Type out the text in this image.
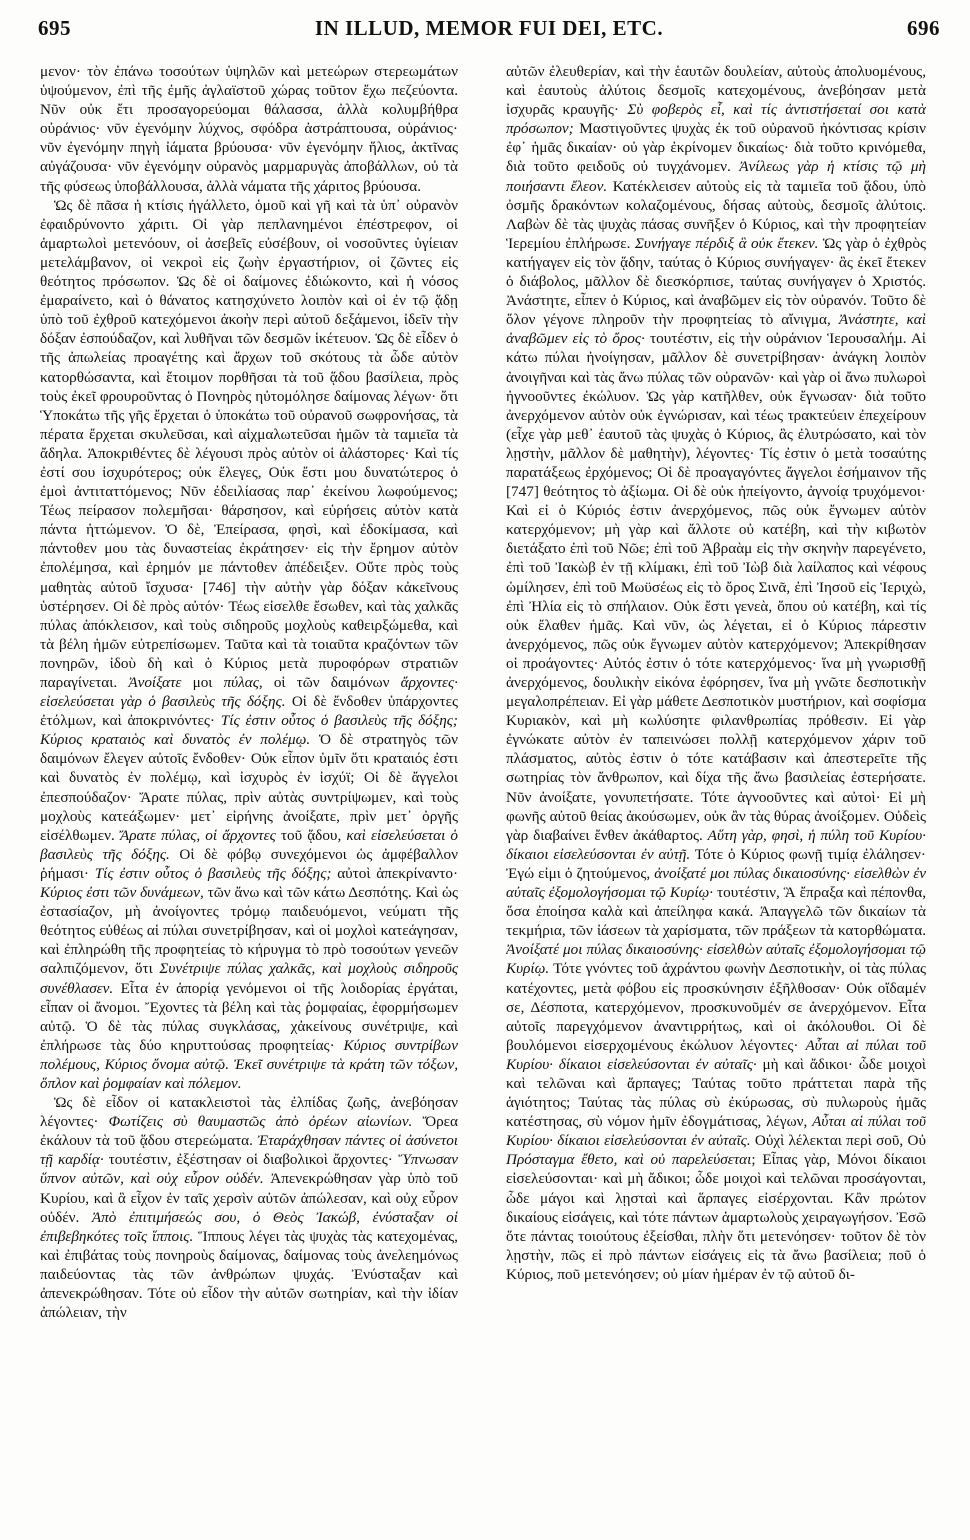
695	IN ILLUD, MEMOR FUI DEI, ETC.	696

μενον· τὸν ἐπάνω τοσούτων ὑψηλῶν καὶ μετεώρων στερεωμάτων ὑψούμενον, ἐπὶ τῆς ἐμῆς ἀγλαϊστοῦ χώρας τοῦτον ἔχω πεζεύοντα. Νῦν οὐκ ἔτι προσαγορεύομαι θάλασσα, ἀλλὰ κολυμβήθρα οὐράνιος· νῦν ἐγενόμην λύχνος, σφόδρα ἀστράπτουσα, οὐράνιος· νῦν ἐγενόμην πηγὴ ἰάματα βρύουσα· νῦν ἐγενόμην ἥλιος, ἀκτῖνας αὐγάζουσα· νῦν ἐγενόμην οὐρανὸς μαρμαρυγὰς ἀποβάλλων, οὐ τὰ τῆς φύσεως ὑποβάλλουσα, ἀλλὰ νάματα τῆς χάριτος βρύουσα.

Ὡς δὲ πᾶσα ἡ κτίσις ἠγάλλετο, ὁμοῦ καὶ γῆ καὶ τὰ ὑπ᾿ οὐρανὸν ἐφαιδρύνοντο χάριτι. Οἱ γὰρ πεπλανημένοι ἐπέστρεφον, οἱ ἁμαρτωλοὶ μετενόουν, οἱ ἀσεβεῖς εὐσέβουν, οἱ νοσοῦντες ὑγίειαν μετελάμβανον, οἱ νεκροὶ εἰς ζωὴν ἐργαστήριον, οἱ ζῶντες εἰς θεότητος πρόσωπον. Ὡς δὲ οἱ δαίμονες ἐδιώκοντο, καὶ ἡ νόσος ἐμαραίνετο, καὶ ὁ θάνατος κατησχύνετο λοιπὸν καὶ οἱ ἐν τῷ ᾅδῃ ὑπὸ τοῦ ἐχθροῦ κατεχόμενοι ἀκοὴν περὶ αὐτοῦ δεξάμενοι, ἰδεῖν τὴν δόξαν ἐσπούδαζον, καὶ λυθῆναι τῶν δεσμῶν ἱκέτευον. Ὡς δὲ εἶδεν ὁ τῆς ἀπωλείας προαγέτης καὶ ἄρχων τοῦ σκότους τὰ ὧδε αὐτὸν κατορθώσαντα, καὶ ἕτοιμον πορθῆσαι τὰ τοῦ ᾅδου βασίλεια, πρὸς τοὺς ἐκεῖ φρουροῦντας ὁ Πονηρὸς ηὐτομόλησε δαίμονας λέγων· ὅτι Ὑποκάτω τῆς γῆς ἔρχεται ὁ ὑποκάτω τοῦ οὐρανοῦ σωφρονήσας, τὰ πέρατα ἔρχεται σκυλεῦσαι, καὶ αἰχμαλωτεῦσαι ἡμῶν τὰ ταμιεῖα τὰ ἄδηλα. Ἀποκριθέντες δὲ λέγουσι πρὸς αὐτὸν οἱ ἀλάστορες· Καὶ τίς ἐστί σου ἰσχυρότερος; οὐκ ἔλεγες, Οὐκ ἔστι μου δυνατώτερος ὁ ἐμοὶ ἀντιταττόμενος; Νῦν ἐδειλίασας παρ᾿ ἐκείνου λωφούμενος; Τέως πείρασον πολεμῆσαι· θάρσησον, καὶ εὑρήσεις αὐτὸν κατὰ πάντα ἡττώμενον. Ὁ δὲ, Ἐπείρασα, φησὶ, καὶ ἐδοκίμασα, καὶ πάντοθεν μου τὰς δυναστείας ἐκράτησεν· εἰς τὴν ἔρημον αὐτὸν ἐπολέμησα, καὶ ἐρημόν με πάντοθεν ἀπέδειξεν. Οὔτε πρὸς τοὺς μαθητὰς αὐτοῦ ἴσχυσα· [746] τὴν αὐτὴν γὰρ δόξαν κἀκεῖνους ὑστέρησεν. Οἱ δὲ πρὸς αὐτόν· Τέως εἰσελθε ἔσωθεν, καὶ τὰς χαλκᾶς πύλας ἀπόκλεισον, καὶ τοὺς σιδηροῦς μοχλοὺς καθειρξώμεθα, καὶ τὰ βέλη ἡμῶν εὐτρεπίσωμεν. Ταῦτα καὶ τὰ τοιαῦτα κραζόντων τῶν πονηρῶν, ἰδοὺ δὴ καὶ ὁ Κύριος μετὰ πυροφόρων στρατιῶν παραγίνεται. Ἀνοίξατε μοι πύλας, οἱ τῶν δαιμόνων ἄρχοντες· εἰσελεύσεται γὰρ ὁ βασιλεὺς τῆς δόξης. Οἱ δὲ ἔνδοθεν ὑπάρχοντες ἐτόλμων, καὶ ἀποκρινόντες· Τίς ἐστιν οὗτος ὁ βασιλεὺς τῆς δόξης; Κύριος κραταιὸς καὶ δυνατὸς ἐν πολέμῳ. Ὁ δὲ στρατηγὸς τῶν δαιμόνων ἔλεγεν αὐτοῖς ἔνδοθεν· Οὐκ εἶπον ὑμῖν ὅτι κραταιός ἐστι καὶ δυνατὸς ἐν πολέμῳ, καὶ ἰσχυρὸς ἐν ἰσχύϊ; Οἱ δὲ ἄγγελοι ἐπεσπούδαζον· Ἄρατε πύλας, πρὶν αὐτὰς συντρίψωμεν, καὶ τοὺς μοχλοὺς κατεάξωμεν· μετ᾿ εἰρήνης ἀνοίξατε, πρὶν μετ᾿ ὀργῆς εἰσέλθωμεν. Ἄρατε πύλας, οἱ ἄρχοντες τοῦ ᾅδου, καὶ εἰσελεύσεται ὁ βασιλεὺς τῆς δόξης. Οἱ δὲ φόβῳ συνεχόμενοι ὡς ἀμφέβαλλον ῥήμασι· Τίς ἐστιν οὗτος ὁ βασιλεὺς τῆς δόξης; αὐτοὶ ἀπεκρίναντο· Κύριος ἐστι τῶν δυνάμεων, τῶν ἄνω καὶ τῶν κάτω Δεσπότης. Καὶ ὡς ἐστασίαζον, μὴ ἀνοίγοντες τρόμῳ παιδευόμενοι, νεύματι τῆς θεότητος εὐθέως αἱ πύλαι συνετρίβησαν, καὶ οἱ μοχλοὶ κατεάγησαν, καὶ ἐπληρώθη τῆς προφητείας τὸ κήρυγμα τὸ πρὸ τοσούτων γενεῶν σαλπιζόμενον, ὅτι Συνέτριψε πύλας χαλκᾶς, καὶ μοχλοὺς σιδηροῦς συνέθλασεν. Εἶτα ἐν ἀπορίᾳ γενόμενοι οἱ τῆς λοιδορίας ἐργάται, εἶπαν οἱ ἄνομοι. Ἔχοντες τὰ βέλη καὶ τὰς ῥομφαίας, ἐφορμήσωμεν αὐτῷ. Ὁ δὲ τὰς πύλας συγκλάσας, χἀκείνους συνέτριψε, καὶ ἐπλήρωσε τὰς δύο κηρυττούσας προφητείας· Κύριος συντρίβων πολέμους, Κύριος ὄνομα αὐτῷ. Ἐκεῖ συνέτριψε τὰ κράτη τῶν τόξων, ὅπλον καὶ ῥομφαίαν καὶ πόλεμον.

Ὡς δὲ εἶδον οἱ κατακλειστοὶ τὰς ἐλπίδας ζωῆς, ἀνεβόησαν λέγοντες· Φωτίζεις σὺ θαυμαστῶς ἀπὸ ὀρέων αἰωνίων. Ὄρεα ἐκάλουν τὰ τοῦ ᾅδου στερεώματα. Ἐταράχθησαν πάντες οἱ ἀσύνετοι τῇ καρδίᾳ· τουτέστιν, ἐξέστησαν οἱ διαβολικοὶ ἄρχοντες· Ὕπνωσαν ὕπνον αὐτῶν, καὶ οὐχ εὗρον οὐδέν. Ἀπενεκρώθησαν γὰρ ὑπὸ τοῦ Κυρίου, καὶ ἃ εἶχον ἐν ταῖς χερσὶν αὐτῶν ἀπώλεσαν, καὶ οὐχ εὗρον οὐδέν. Ἀπὸ ἐπιτιμήσεώς σου, ὁ Θεὸς Ἰακώβ, ἐνύσταξαν οἱ ἐπιβεβηκότες τοῖς ἵπποις. Ἵππους λέγει τὰς ψυχὰς τὰς κατεχομένας, καὶ ἐπιβάτας τοὺς πονηροὺς δαίμονας, δαίμονας τοὺς ἀνελεημόνως παιδεύοντας τὰς τῶν ἀνθρώπων ψυχάς. Ἐνύσταξαν καὶ ἀπενεκρώθησαν. Τότε οὐ εἶδον τὴν αὐτῶν σωτηρίαν, καὶ τὴν ἰδίαν ἀπώλειαν, τὴν

αὐτῶν ἐλευθερίαν, καὶ τὴν ἑαυτῶν δουλείαν, αὐτοὺς ἀπολυομένους, καὶ ἑαυτοὺς ἀλύτοις δεσμοῖς κατεχομένους, ἀνεβόησαν μετὰ ἰσχυρᾶς κραυγῆς· Σὺ φοβερὸς εἶ, καὶ τίς ἀντιστήσεταί σοι κατὰ πρόσωπον; Μαστιγοῦντες ψυχὰς ἐκ τοῦ οὐρανοῦ ἠκόντισας κρίσιν ἐφ᾿ ἡμᾶς δικαίαν· οὐ γὰρ ἐκρίνομεν δικαίως· διὰ τοῦτο κρινόμεθα, διὰ τοῦτο φειδοῦς οὐ τυγχάνομεν. Ἀνίλεως γὰρ ἡ κτίσις τῷ μὴ ποιήσαντι ἔλεον. Κατέκλεισεν αὐτοὺς εἰς τὰ ταμιεῖα τοῦ ᾅδου, ὑπὸ ὀσμῆς δρακόντων κολαζομένους, δήσας αὐτοὺς, δεσμοῖς ἀλύτοις. Λαβὼν δὲ τὰς ψυχὰς πάσας συνῆξεν ὁ Κύριος, καὶ τὴν προφητείαν Ἱερεμίου ἐπλήρωσε. Συνήγαγε πέρδιξ ἃ οὐκ ἔτεκεν. Ὡς γὰρ ὁ ἐχθρὸς κατήγαγεν εἰς τὸν ᾅδην, ταύτας ὁ Κύριος συνήγαγεν· ἃς ἐκεῖ ἔτεκεν ὁ διάβολος, μᾶλλον δὲ διεσκόρπισε, ταύτας συνήγαγεν ὁ Χριστός. Ἀνάστητε, εἶπεν ὁ Κύριος, καὶ ἀναβῶμεν εἰς τὸν οὐρανόν. Τοῦτο δὲ ὅλον γέγονε πληροῦν τὴν προφητείας τὸ αἴνιγμα, Ἀνάστητε, καὶ ἀναβῶμεν εἰς τὸ ὄρος· τουτέστιν, εἰς τὴν οὐράνιον Ἱερουσαλήμ. Αἱ κάτω πύλαι ἠνοίγησαν, μᾶλλον δὲ συνετρίβησαν· ἀνάγκη λοιπὸν ἀνοιγῆναι καὶ τὰς ἄνω πύλας τῶν οὐρανῶν· καὶ γὰρ οἱ ἄνω πυλωροὶ ἠγνοοῦντες ἐκώλυον. Ὡς γὰρ κατῆλθεν, οὐκ ἔγνωσαν· διὰ τοῦτο ἀνερχόμενον αὐτὸν οὐκ ἐγνώρισαν, καὶ τέως τρακτεύειν ἐπεχείρουν (εἶχε γὰρ μεθ᾿ ἑαυτοῦ τὰς ψυχὰς ὁ Κύριος, ἃς ἐλυτρώσατο, καὶ τὸν λῃστὴν, μᾶλλον δὲ μαθητὴν), λέγοντες· Τίς ἐστιν ὁ μετὰ τοσαύτης παρατάξεως ἐρχόμενος; Οἱ δὲ προαγαγόντες ἄγγελοι ἐσήμαινον τῆς [747] θεότητος τὸ ἀξίωμα. Οἱ δὲ οὐκ ἠπείγοντο, ἀγνοίᾳ τρυχόμενοι· Καὶ εἰ ὁ Κύριός ἐστιν ἀνερχόμενος, πῶς οὐκ ἔγνωμεν αὐτὸν κατερχόμενον; μὴ γὰρ καὶ ἄλλοτε οὐ κατέβη, καὶ τὴν κιβωτὸν διετάξατο ἐπὶ τοῦ Νῶε; ἐπὶ τοῦ Ἀβραὰμ εἰς τὴν σκηνὴν παρεγένετο, ἐπὶ τοῦ Ἰακὼβ ἐν τῇ κλίμακι, ἐπὶ τοῦ Ἰὼβ διὰ λαίλαπος καὶ νέφους ὡμίλησεν, ἐπὶ τοῦ Μωϋσέως εἰς τὸ ὄρος Σινᾶ, ἐπὶ Ἰησοῦ εἰς Ἱεριχὼ, ἐπὶ Ἠλία εἰς τὸ σπήλαιον. Οὐκ ἔστι γενεὰ, ὅπου οὐ κατέβη, καὶ τίς οὐκ ἔλαθεν ἡμᾶς. Καὶ νῦν, ὡς λέγεται, εἰ ὁ Κύριος πάρεστιν ἀνερχόμενος, πῶς οὐκ ἔγνωμεν αὐτὸν κατερχόμενον; Ἀπεκρίθησαν οἱ προάγοντες· Αὐτός ἐστιν ὁ τότε κατερχόμενος· ἵνα μὴ γνωρισθῇ ἀνερχόμενος, δουλικὴν εἰκόνα ἐφόρησεν, ἵνα μὴ γνῶτε δεσποτικὴν μεγαλοπρέπειαν. Εἰ γὰρ μάθετε Δεσποτικὸν μυστήριον, καὶ σοφίσμα Κυριακὸν, καὶ μὴ κωλύσητε φιλανθρωπίας πρόθεσιν. Εἰ γὰρ ἐγνώκατε αὐτὸν ἐν ταπεινώσει πολλῇ κατερχόμενον χάριν τοῦ πλάσματος, αὐτὸς ἐστιν ὁ τότε κατάβασιν καὶ ἀπεστερεῖτε τῆς σωτηρίας τὸν ἄνθρωπον, καὶ δίχα τῆς ἄνω βασιλείας ἐστερήσατε. Νῦν ἀνοίξατε, γονυπετήσατε. Τότε ἀγνοοῦντες καὶ αὐτοὶ· Εἰ μὴ φωνῆς αὐτοῦ θείας ἀκούσωμεν, οὐκ ἂν τὰς θύρας ἀνοίξομεν. Οὐδεὶς γὰρ διαβαίνει ἔνθεν ἀκάθαρτος. Αὕτη γὰρ, φησὶ, ἡ πύλη τοῦ Κυρίου· δίκαιοι εἰσελεύσονται ἐν αὐτῇ. Τότε ὁ Κύριος φωνῇ τιμίᾳ ἐλάλησεν· Ἐγώ εἰμι ὁ ζητούμενος, ἀνοίξατέ μοι πύλας δικαιοσύνης· εἰσελθὼν ἐν αὐταῖς ἐξομολογήσομαι τῷ Κυρίῳ· τουτέστιν, Ἃ ἔπραξα καὶ πέπονθα, ὅσα ἐποίησα καλὰ καὶ ἀπείληφα κακά. Ἀπαγγελῶ τῶν δικαίων τὰ τεκμήρια, τῶν ἰάσεων τὰ χαρίσματα, τῶν πράξεων τὰ κατορθώματα. Ἀνοίξατέ μοι πύλας δικαιοσύνης· εἰσελθὼν αὐταῖς ἐξομολογήσομαι τῷ Κυρίῳ. Τότε γνόντες τοῦ ἀχράντου φωνὴν Δεσποτικὴν, οἱ τὰς πύλας κατέχοντες, μετὰ φόβου εἰς προσκύνησιν ἐξῆλθοσαν· Οὐκ οἴδαμέν σε, Δέσποτα, κατερχόμενον, προσκυνοῦμέν σε ἀνερχόμενον. Εἶτα αὐτοῖς παρεγχόμενον ἀναντιρρήτως, καὶ οἱ ἀκόλουθοι. Οἱ δὲ βουλόμενοι εἰσερχομένους ἐκώλυον λέγοντες· Αὗται αἱ πύλαι τοῦ Κυρίου· δίκαιοι εἰσελεύσονται ἐν αὐταῖς· μὴ καὶ ἄδικοι· ὧδε μοιχοὶ καὶ τελῶναι καὶ ἅρπαγες; Ταύτας τοῦτο πράττεται παρὰ τῆς ἁγιότητος; Ταύτας τὰς πύλας σὺ ἐκύρωσας, σὺ πυλωροὺς ἡμᾶς κατέστησας, σὺ νόμον ἡμῖν ἐδογμάτισας, λέγων, Αὗται αἱ πύλαι τοῦ Κυρίου· δίκαιοι εἰσελεύσονται ἐν αὐταῖς. Οὐχὶ λέλεκται περὶ σοῦ, Οὐ Πρόσταγμα ἔθετο, καὶ οὐ παρελεύσεται; Εἶπας γὰρ, Μόνοι δίκαιοι εἰσελεύσονται· καὶ μὴ ἄδικοι; ὧδε μοιχοὶ καὶ τελῶναι προσάγονται, ὧδε μάγοι καὶ λῃσταὶ καὶ ἅρπαγες εἰσέρχονται. Κἂν πρώτον δικαίους εἰσάγεις, καὶ τότε πάντων ἁμαρτωλοὺς χειραγωγήσον. Ἐσῶ ὅτε πάντας τοιούτους ἐξείσθαι, πλὴν ὅτι μετενόησεν· τοῦτον δὲ τὸν λῃστὴν, πῶς εἰ πρὸ πάντων εἰσάγεις εἰς τὰ ἄνω βασίλεια; ποῦ ὁ Κύριος, ποῦ μετενόησεν; οὐ μίαν ἡμέραν ἐν τῷ αὐτοῦ δι-
